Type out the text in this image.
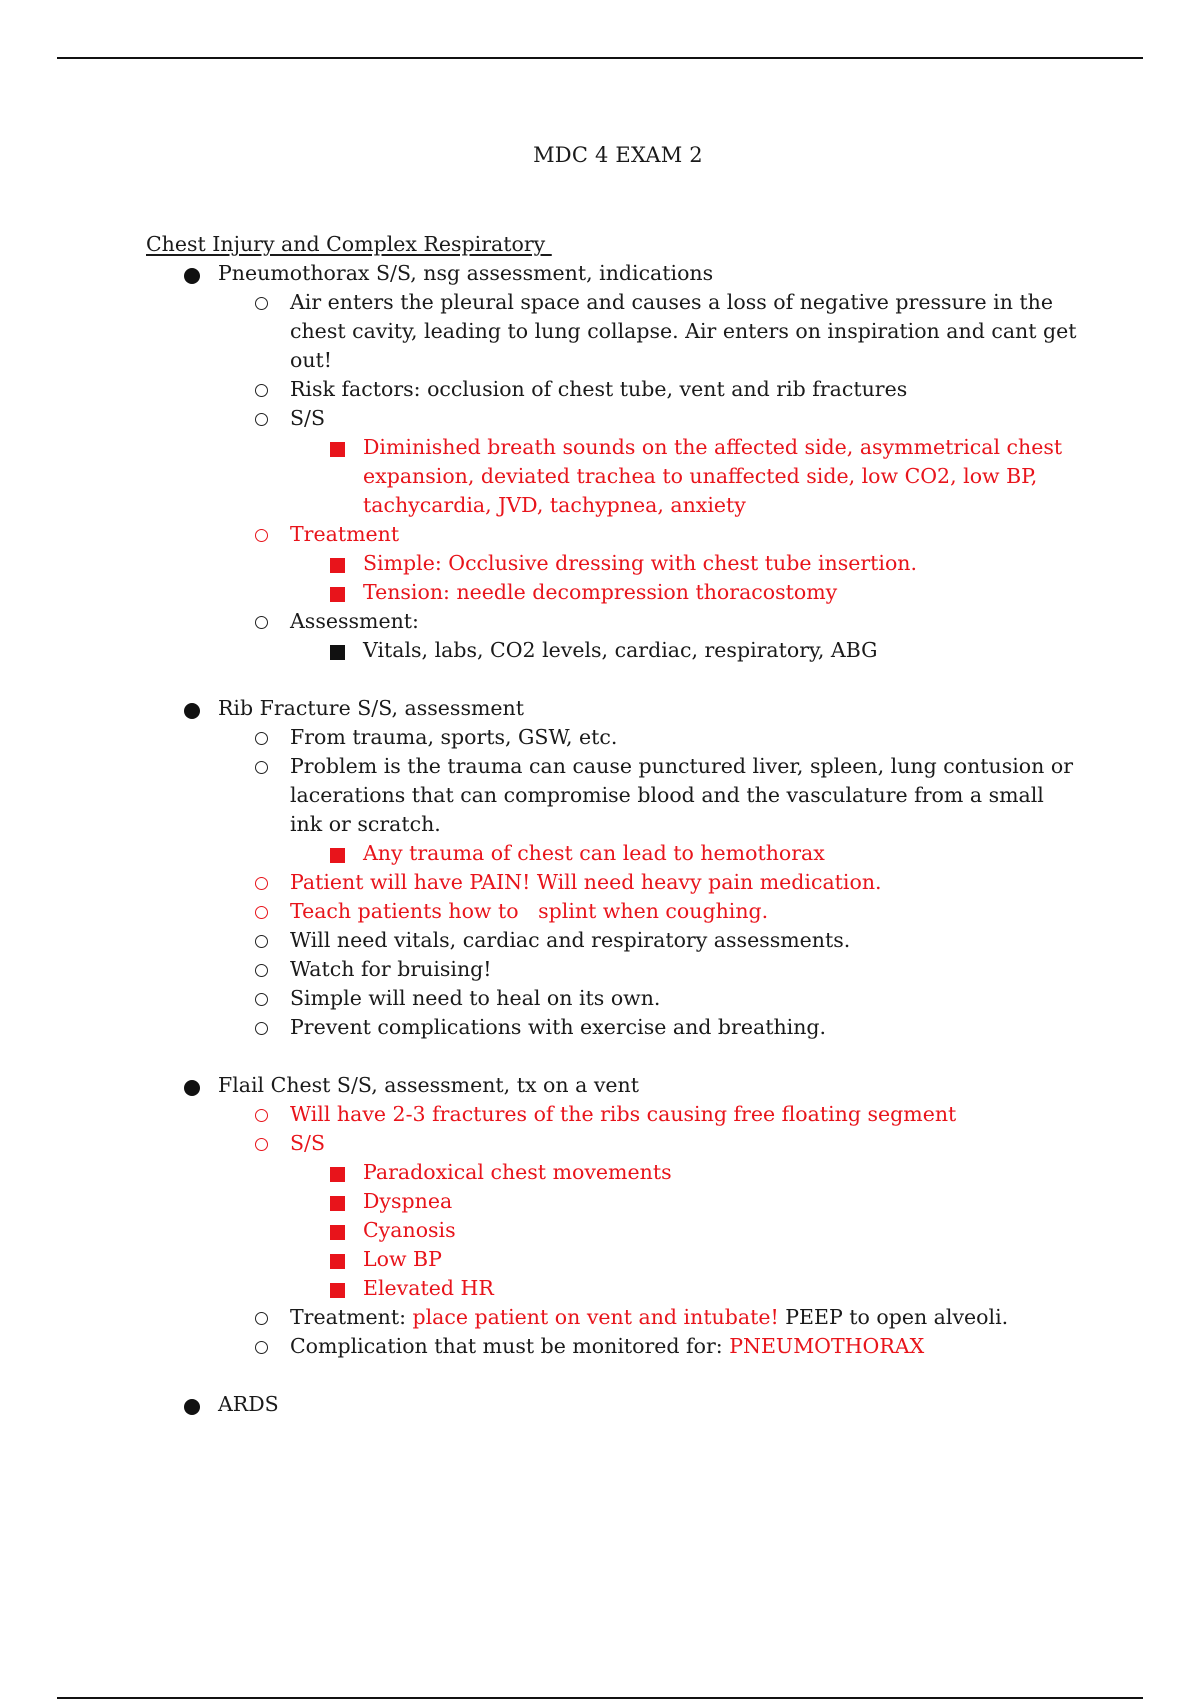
MDC 4 EXAM 2
Chest Injury and Complex Respiratory
Pneumothorax S/S, nsg assessment, indications
Air enters the pleural space and causes a loss of negative pressure in the chest cavity, leading to lung collapse. Air enters on inspiration and cant get out!
Risk factors: occlusion of chest tube, vent and rib fractures
S/S
Diminished breath sounds on the affected side, asymmetrical chest expansion, deviated trachea to unaffected side, low CO2, low BP, tachycardia, JVD, tachypnea, anxiety
Treatment
Simple: Occlusive dressing with chest tube insertion.
Tension: needle decompression thoracostomy
Assessment:
Vitals, labs, CO2 levels, cardiac, respiratory, ABG
Rib Fracture S/S, assessment
From trauma, sports, GSW, etc.
Problem is the trauma can cause punctured liver, spleen, lung contusion or lacerations that can compromise blood and the vasculature from a small ink or scratch.
Any trauma of chest can lead to hemothorax
Patient will have PAIN! Will need heavy pain medication.
Teach patients how to   splint when coughing.
Will need vitals, cardiac and respiratory assessments.
Watch for bruising!
Simple will need to heal on its own.
Prevent complications with exercise and breathing.
Flail Chest S/S, assessment, tx on a vent
Will have 2-3 fractures of the ribs causing free floating segment
S/S
Paradoxical chest movements
Dyspnea
Cyanosis
Low BP
Elevated HR
Treatment: place patient on vent and intubate! PEEP to open alveoli.
Complication that must be monitored for: PNEUMOTHORAX
ARDS
